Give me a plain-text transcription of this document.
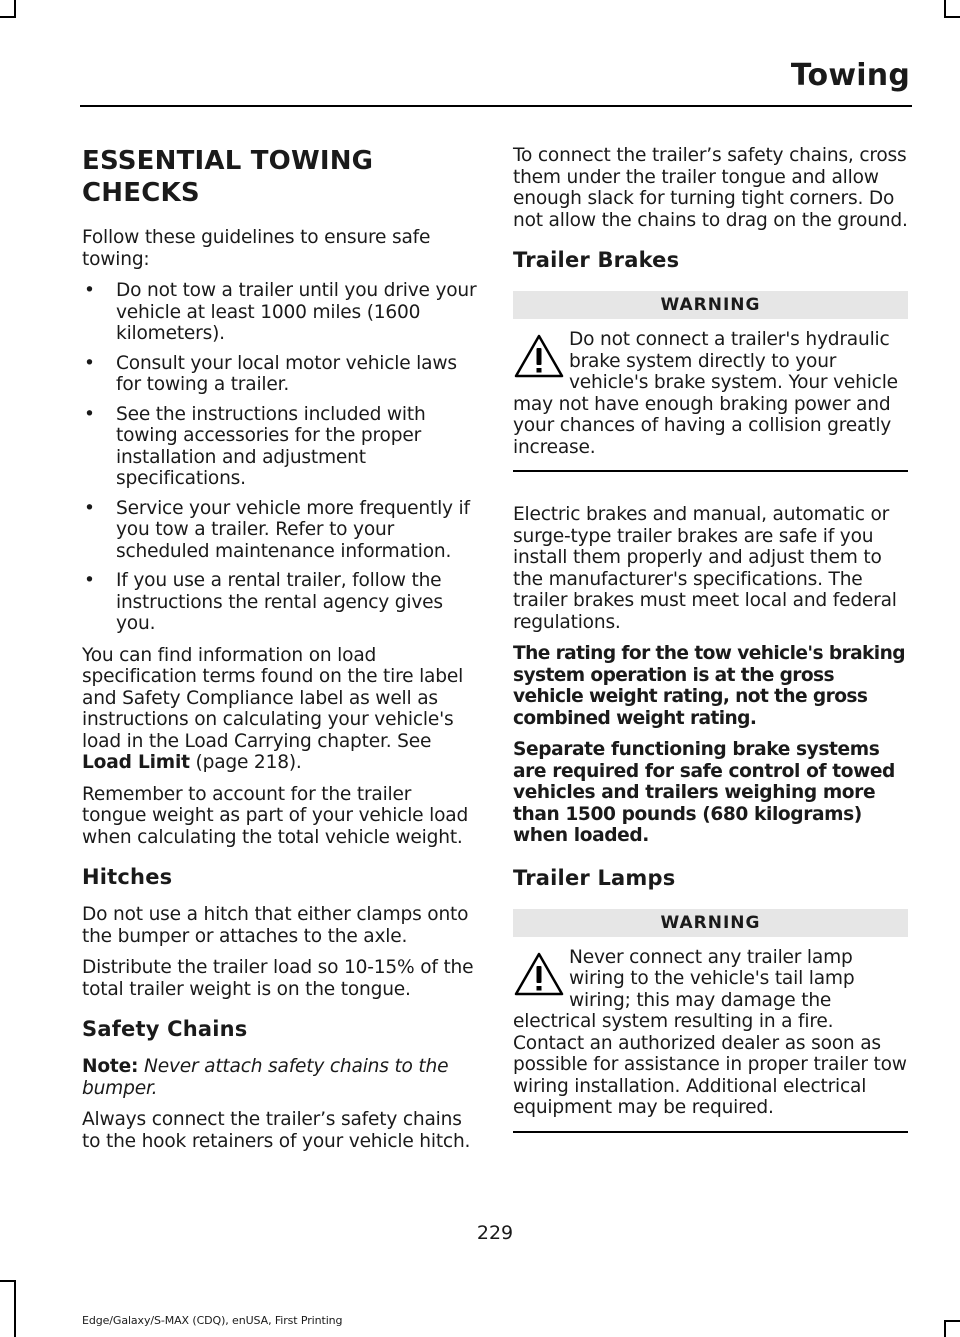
Towing
ESSENTIAL TOWING CHECKS

Follow these guidelines to ensure safe towing:

• Do not tow a trailer until you drive your vehicle at least 1000 miles (1600 kilometers).
• Consult your local motor vehicle laws for towing a trailer.
• See the instructions included with towing accessories for the proper installation and adjustment specifications.
• Service your vehicle more frequently if you tow a trailer. Refer to your scheduled maintenance information.
• If you use a rental trailer, follow the instructions the rental agency gives you.

You can find information on load specification terms found on the tire label and Safety Compliance label as well as instructions on calculating your vehicle's load in the Load Carrying chapter. See Load Limit (page 218).

Remember to account for the trailer tongue weight as part of your vehicle load when calculating the total vehicle weight.

Hitches

Do not use a hitch that either clamps onto the bumper or attaches to the axle.

Distribute the trailer load so 10-15% of the total trailer weight is on the tongue.

Safety Chains

Note: Never attach safety chains to the bumper.

Always connect the trailer’s safety chains to the hook retainers of your vehicle hitch.

To connect the trailer’s safety chains, cross them under the trailer tongue and allow enough slack for turning tight corners. Do not allow the chains to drag on the ground.

Trailer Brakes
WARNING
Do not connect a trailer's hydraulic brake system directly to your vehicle's brake system. Your vehicle may not have enough braking power and your chances of having a collision greatly increase.

Electric brakes and manual, automatic or surge-type trailer brakes are safe if you install them properly and adjust them to the manufacturer's specifications. The trailer brakes must meet local and federal regulations.

The rating for the tow vehicle's braking system operation is at the gross vehicle weight rating, not the gross combined weight rating.

Separate functioning brake systems are required for safe control of towed vehicles and trailers weighing more than 1500 pounds (680 kilograms) when loaded.

Trailer Lamps
WARNING
Never connect any trailer lamp wiring to the vehicle's tail lamp wiring; this may damage the electrical system resulting in a fire. Contact an authorized dealer as soon as possible for assistance in proper trailer tow wiring installation. Additional electrical equipment may be required.
229
Edge/Galaxy/S-MAX (CDQ), enUSA, First Printing
